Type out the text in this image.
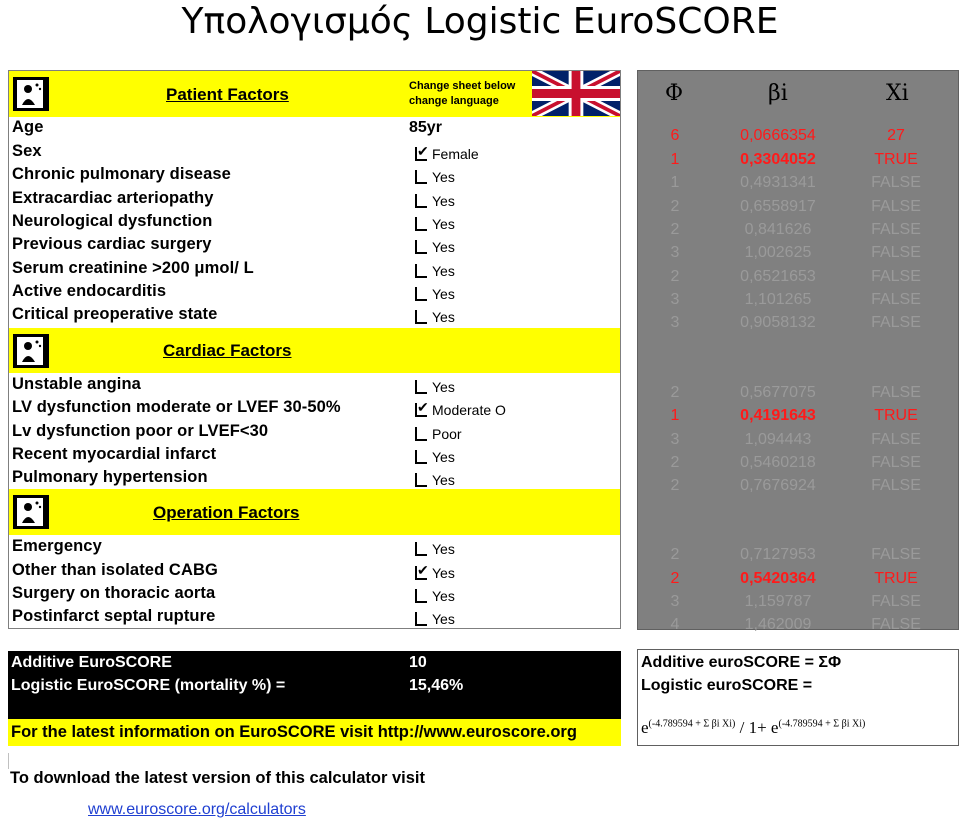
Υπολογισμός Logistic EuroSCORE
Patient Factors	Change sheet below
change language
Age	85yr
Sex ✔	Female
Chronic pulmonary disease	Yes
Extracardiac arteriopathy	Yes
Neurological dysfunction	Yes
Previous cardiac surgery	Yes
Serum creatinine >200 μmol/ L	Yes
Active endocarditis	Yes
Critical preoperative state	Yes
Cardiac Factors
Unstable angina	Yes
LV dysfunction moderate or LVEF 30-50% ✔	Moderate O
Lv dysfunction poor or LVEF<30	Poor
Recent myocardial infarct	Yes
Pulmonary hypertension	Yes
Operation Factors
Emergency	Yes
Other than isolated CABG ✔	Yes
Surgery on thoracic aorta	Yes
Postinfarct septal rupture	Yes
Additive EuroSCORE	10
Logistic EuroSCORE (mortality %) =	15,46%
For the latest information on EuroSCORE visit http://www.euroscore.org
To download the latest version of this calculator visit
www.euroscore.org/calculators
Φ	βi	Xi
6	0,0666354	27
1	0,3304052	TRUE
1	0,4931341	FALSE
2	0,6558917	FALSE
2	0,841626	FALSE
3	1,002625	FALSE
2	0,6521653	FALSE
3	1,101265	FALSE
3	0,9058132	FALSE
2	0,5677075	FALSE
1	0,4191643	TRUE
3	1,094443	FALSE
2	0,5460218	FALSE
2	0,7676924	FALSE
2	0,7127953	FALSE
2	0,5420364	TRUE
3	1,159787	FALSE
4	1,462009	FALSE
Additive euroSCORE = ΣΦ
Logistic euroSCORE =
$e^{(-4.789594 + \Sigma \beta i Xi)} / 1+ e^{(-4.789594 + \Sigma \beta i Xi)}$
